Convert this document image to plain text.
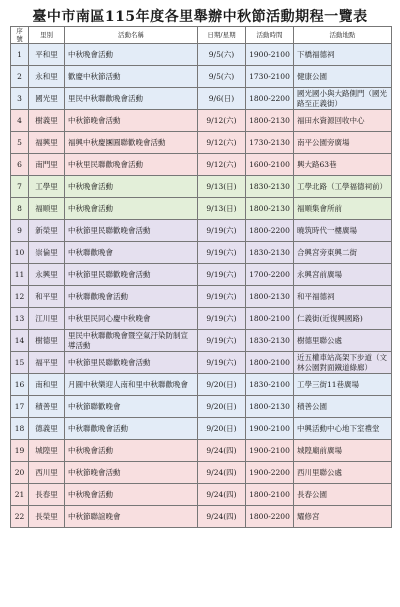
臺中市南區115年度各里舉辦中秋節活動期程一覽表
序號	里別	活動名稱	日期/星期	活動時間	活動地點
1	平和里	中秋晚會活動	9/5(六)	1900-2100	下橋福德祠
2	永和里	歡慶中秋節活動	9/5(六)	1730-2100	健康公園
3	國光里	里民中秋聯歡晚會活動	9/6(日)	1800-2200	國光國小與大路側門（國光路至正義街）
4	樹義里	中秋節晚會活動	9/12(六)	1800-2130	福田水資源回收中心
5	福興里	福興中秋慶團圓聯歡晚會活動	9/12(六)	1730-2130	南平公園旁廣場
6	南門里	中秋里民聯歡晚會活動	9/12(六)	1600-2100	興大路63巷
7	工學里	中秋晚會活動	9/13(日)	1830-2130	工學北路（工學福德祠前）
8	福順里	中秋晚會活動	9/13(日)	1800-2130	福順集會所前
9	新榮里	中秋節里民聯歡晚會活動	9/19(六)	1800-2200	曉筑時代一樓廣場
10	崇倫里	中秋聯歡晚會	9/19(六)	1830-2130	合興宮旁東興二街
11	永興里	中秋節里民聯歡晚會活動	9/19(六)	1700-2200	永興宮前廣場
12	和平里	中秋聯歡晚會活動	9/19(六)	1800-2130	和平福德祠
13	江川里	中秋里民同心慶中秋晚會	9/19(六)	1800-2100	仁義街(近復興國路)
14	樹德里	里民中秋聯歡晚會暨空氣汙染防制宣導活動	9/19(六)	1830-2130	樹德里聯公處
15	福平里	中秋節里民聯歡晚會活動	9/19(六)	1800-2100	近五權車站高架下步道（文林公園對面鐵道綠廊）
16	南和里	月圓中秋樂迎人南和里中秋聯歡晚會	9/20(日)	1830-2100	工學三街11巷廣場
17	積善里	中秋節聯歡晚會	9/20(日)	1800-2130	積善公園
18	德義里	中秋聯歡晚會活動	9/20(日)	1900-2100	中興活動中心地下室禮堂
19	城隍里	中秋晚會活動	9/24(四)	1900-2100	城隍廟前廣場
20	西川里	中秋節晚會活動	9/24(四)	1900-2200	西川里聯公處
21	長春里	中秋晚會活動	9/24(四)	1800-2100	長春公園
22	長榮里	中秋節聯誼晚會	9/24(四)	1800-2200	耀修宮
